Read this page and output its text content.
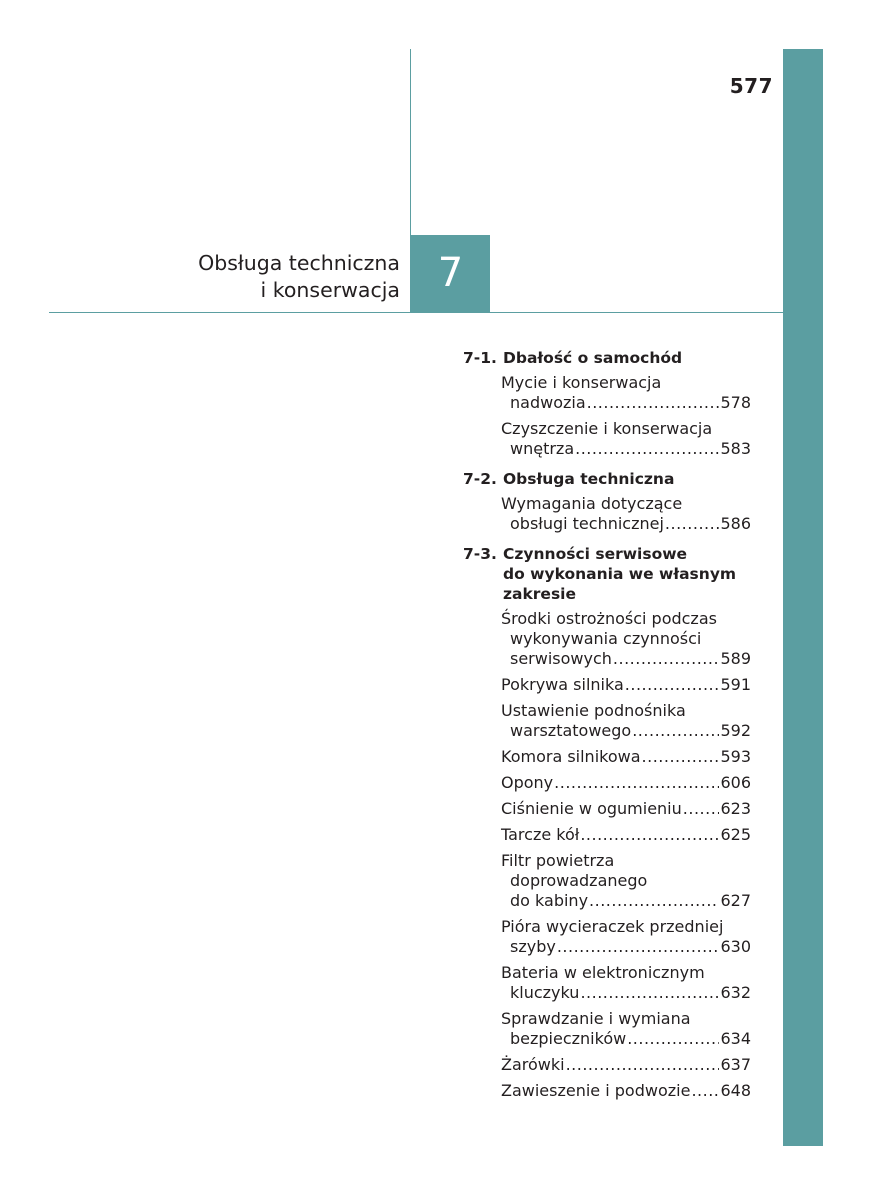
577
Obsługa techniczna
i konserwacja 7
7-1. Dbałość o samochód
Mycie i konserwacja
nadwozia .....	578
Czyszczenie i konserwacja
wnętrza .....	583
7-2. Obsługa techniczna
Wymagania dotyczące
obsługi technicznej .....	586
7-3. Czynności serwisowe
do wykonania we własnym
zakresie
Środki ostrożności podczas
wykonywania czynności
serwisowych .....	589
Pokrywa silnika .....	591
Ustawienie podnośnika
warsztatowego .....	592
Komora silnikowa .....	593
Opony .....	606
Ciśnienie w ogumieniu ..... 623
Tarcze kół .....	625
Filtr powietrza
doprowadzanego
do kabiny .....	627
Pióra wycieraczek przedniej
szyby .....	630
Bateria w elektronicznym
kluczyku .....	632
Sprawdzanie i wymiana
bezpieczników .....	634
Żarówki .....	637
Zawieszenie i podwozie ..... 648
